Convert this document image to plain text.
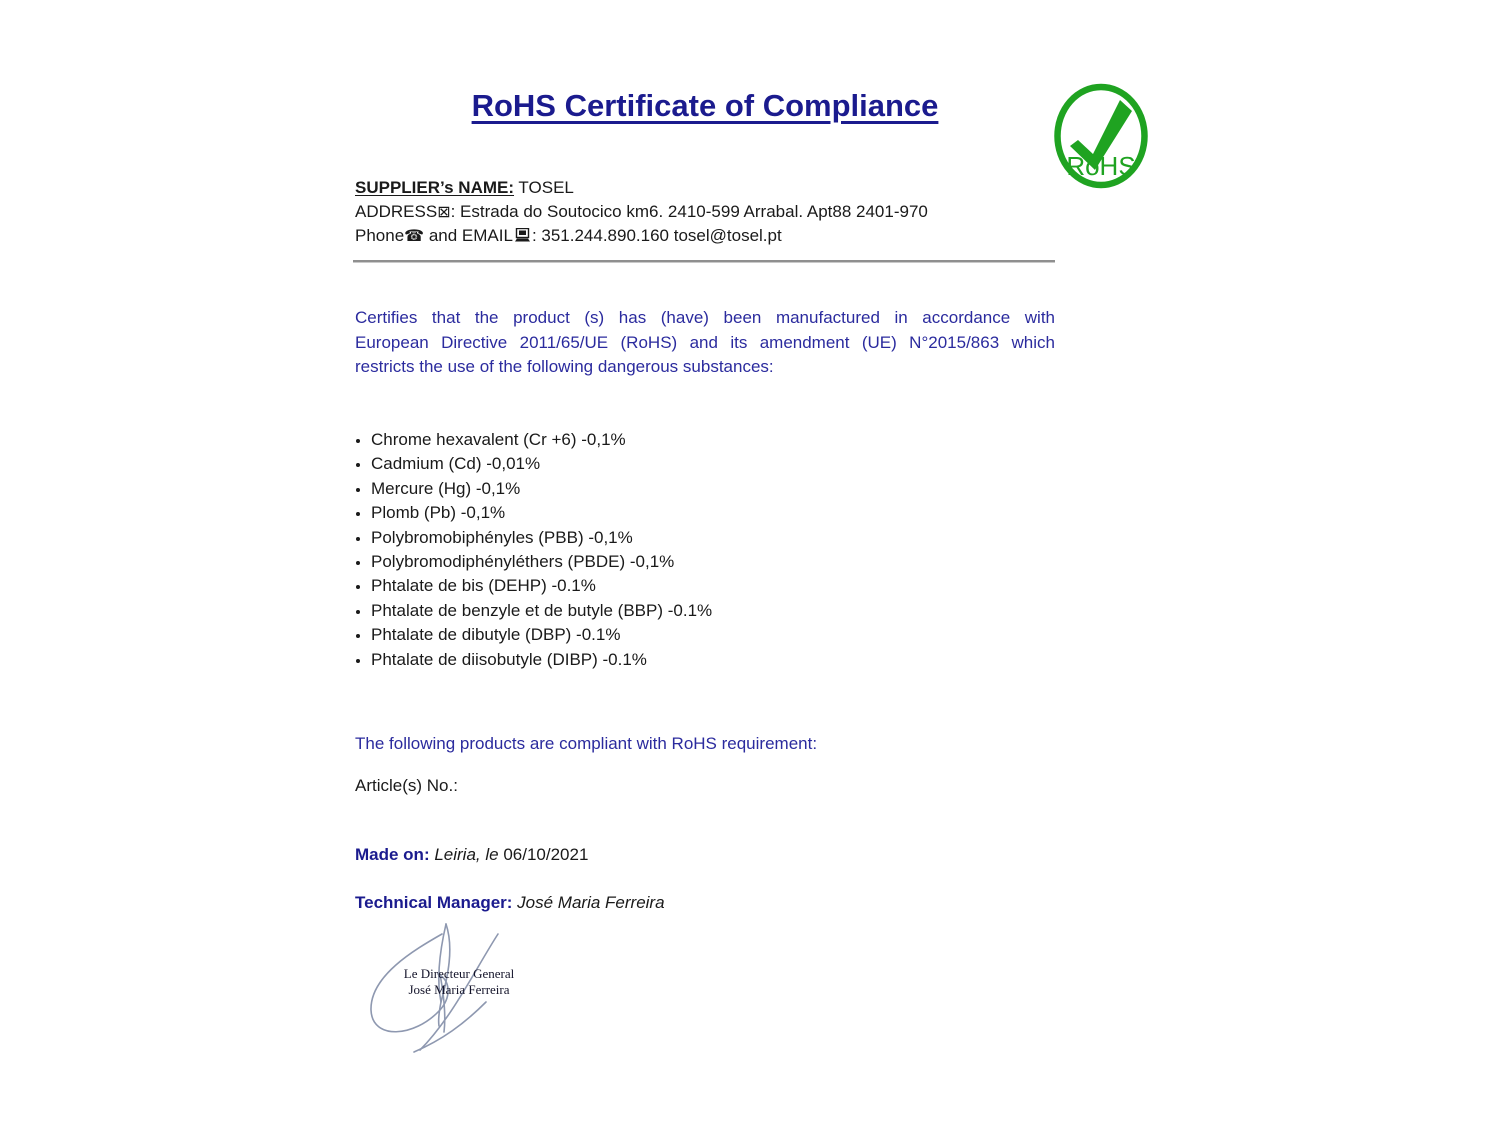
RoHS Certificate of Compliance
RoHS
SUPPLIER’s NAME: TOSEL
ADDRESS⊠: Estrada do Soutocico km6. 2410-599 Arrabal. Apt88 2401-970
Phone☎ and EMAIL : 351.244.890.160 tosel@tosel.pt
Certifies that the product (s) has (have) been manufactured in accordance with
European Directive 2011/65/UE (RoHS) and its amendment (UE) N°2015/863 which
restricts the use of the following dangerous substances:
• Chrome hexavalent (Cr +6) -0,1%
• Cadmium (Cd) -0,01%
• Mercure (Hg) -0,1%
• Plomb (Pb) -0,1%
• Polybromobiphényles (PBB) -0,1%
• Polybromodiphényléthers (PBDE) -0,1%
• Phtalate de bis (DEHP) -0.1%
• Phtalate de benzyle et de butyle (BBP) -0.1%
• Phtalate de dibutyle (DBP) -0.1%
• Phtalate de diisobutyle (DIBP) -0.1%
The following products are compliant with RoHS requirement:
Article(s) No.:
Made on: Leiria, le 06/10/2021
Technical Manager: José Maria Ferreira
Le Directeur General
José Maria Ferreira
